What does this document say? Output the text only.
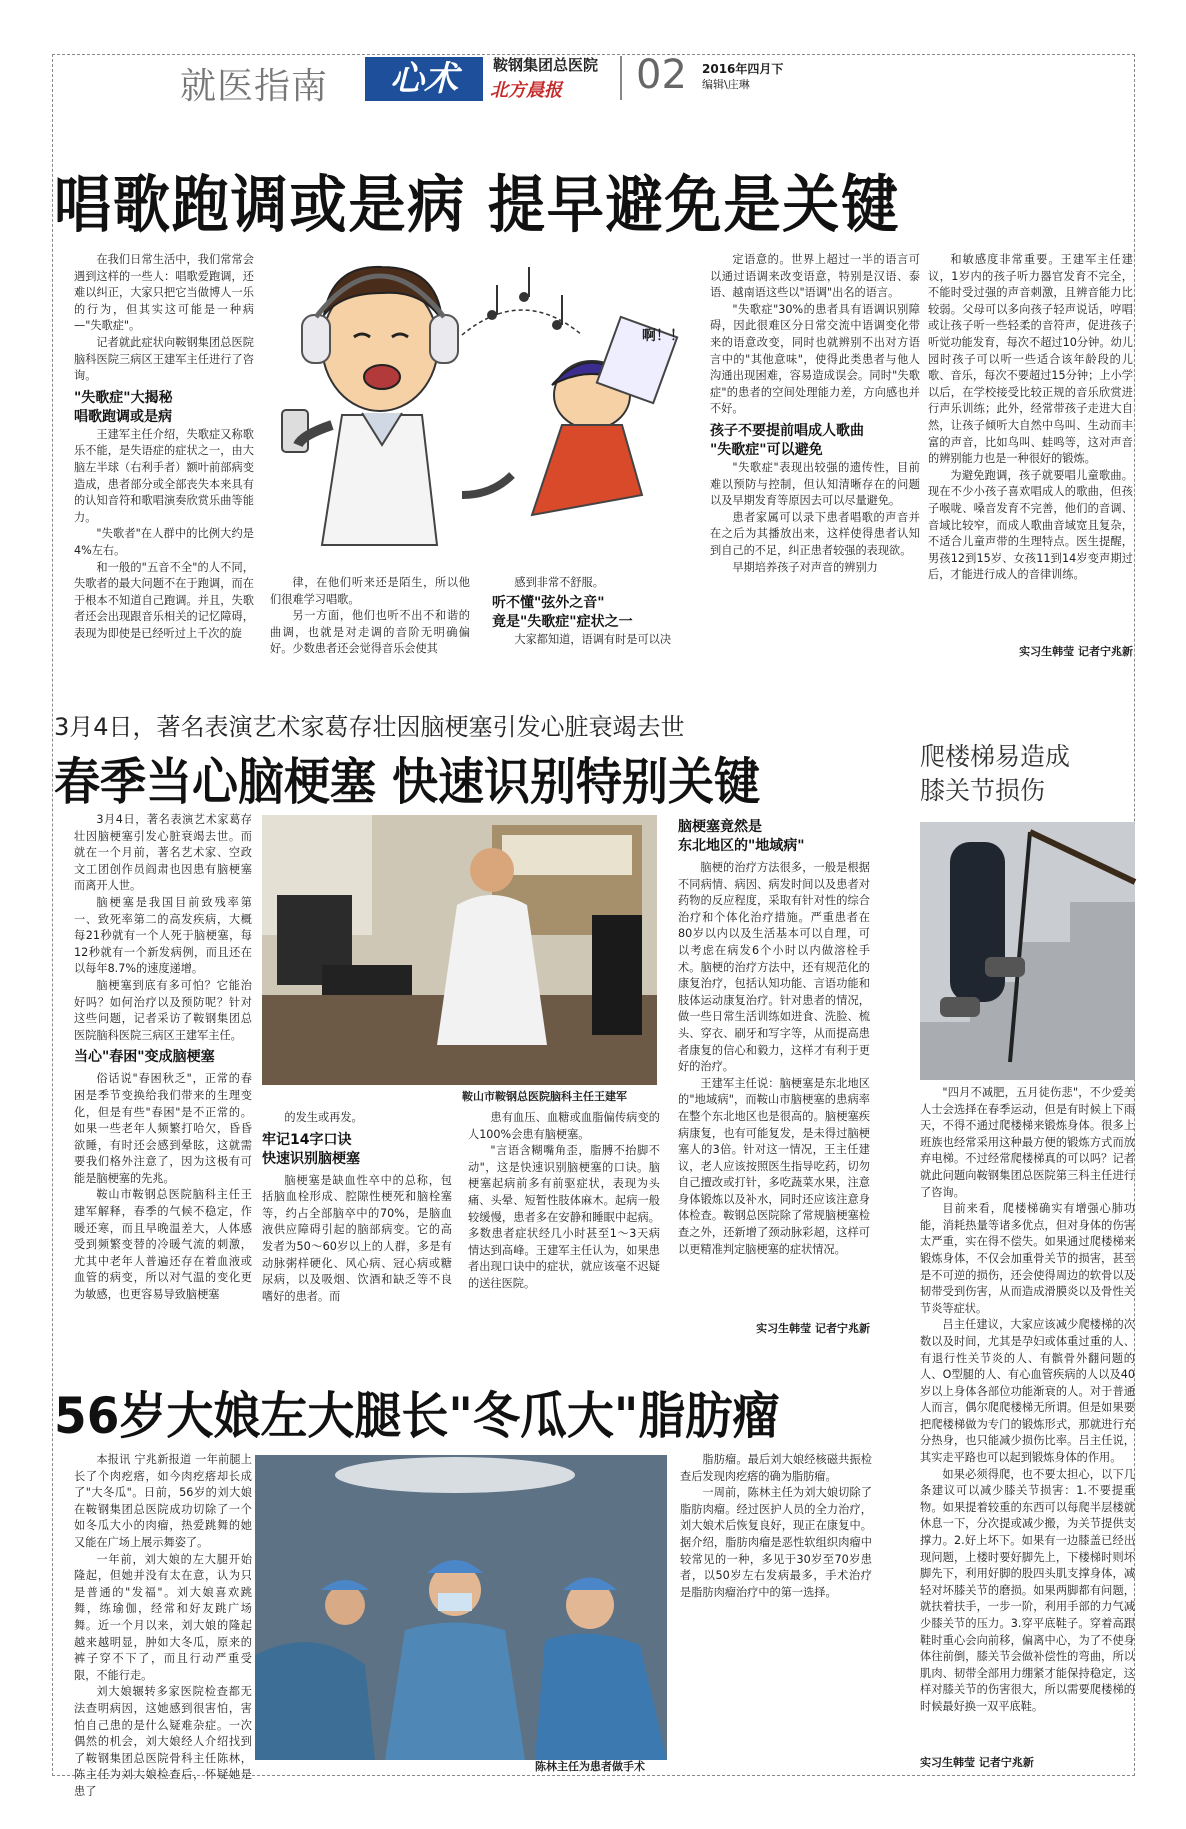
就医指南	心术	鞍钢集团总医院
北方晨报 02 2016年四月下
编辑\庄琳
唱歌跑调或是病 提早避免是关键

在我们日常生活中，我们常常会遇到这样的一些人：唱歌爱跑调，还难以纠正，大家只把它当做博人一乐的行为，但其实这可能是一种病—"失歌症"。

记者就此症状向鞍钢集团总医院脑科医院三病区王建军主任进行了咨询。

"失歌症"大揭秘
唱歌跑调或是病

王建军主任介绍，失歌症又称歌乐不能，是失语症的症状之一，由大脑左半球（右利手者）额叶前部病变造成，患者部分或全部丧失本来具有的认知音符和歌唱演奏欣赏乐曲等能力。

"失歌者"在人群中的比例大约是4%左右。

和一般的"五音不全"的人不同，失歌者的最大问题不在于跑调，而在于根本不知道自己跑调。并且，失歌者还会出现跟音乐相关的记忆障碍，表现为即使是已经听过上千次的旋

啊！！

律，在他们听来还是陌生，所以他们很难学习唱歌。

另一方面，他们也听不出不和谐的曲调，也就是对走调的音阶无明确偏好。少数患者还会觉得音乐会使其

感到非常不舒服。

听不懂"弦外之音"
竟是"失歌症"症状之一

大家都知道，语调有时是可以决

定语意的。世界上超过一半的语言可以通过语调来改变语意，特别是汉语、泰语、越南语这些以"语调"出名的语言。

"失歌症"30%的患者具有语调识别障碍，因此很难区分日常交流中语调变化带来的语意改变，同时也就辨别不出对方语言中的"其他意味"，使得此类患者与他人沟通出现困难，容易造成误会。同时"失歌症"的患者的空间处理能力差，方向感也并不好。

孩子不要提前唱成人歌曲
"失歌症"可以避免

"失歌症"表现出较强的遗传性，目前难以预防与控制，但认知清晰存在的问题以及早期发育等原因去可以尽量避免。

患者家属可以录下患者唱歌的声音并在之后为其播放出来，这样使得患者认知到自己的不足，纠正患者较强的表现欲。

早期培养孩子对声音的辨别力

和敏感度非常重要。王建军主任建议，1岁内的孩子听力器官发育不完全，不能时受过强的声音刺激，且辨音能力比较弱。父母可以多向孩子轻声说话，哼唱或让孩子听一些轻柔的音符声，促进孩子听觉功能发育，每次不超过10分钟。幼儿园时孩子可以听一些适合该年龄段的儿歌、音乐，每次不要超过15分钟；上小学以后，在学校接受比较正规的音乐欣赏进行声乐训练；此外，经常带孩子走进大自然，让孩子倾听大自然中鸟叫、生动而丰富的声音，比如鸟叫、蛙鸣等，这对声音的辨别能力也是一种很好的锻炼。

为避免跑调，孩子就要唱儿童歌曲。现在不少小孩子喜欢唱成人的歌曲，但孩子喉咙、嗓音发育不完善，他们的音调、音域比较窄，而成人歌曲音域宽且复杂，不适合儿童声带的生理特点。医生提醒，男孩12到15岁、女孩11到14岁变声期过后，才能进行成人的音律训练。

实习生韩莹 记者宁兆新
3月4日，著名表演艺术家葛存壮因脑梗塞引发心脏衰竭去世
春季当心脑梗塞 快速识别特别关键

3月4日，著名表演艺术家葛存壮因脑梗塞引发心脏衰竭去世。而就在一个月前，著名艺术家、空政文工团创作员阎肃也因患有脑梗塞而离开人世。

脑梗塞是我国目前致残率第一、致死率第二的高发疾病，大概每21秒就有一个人死于脑梗塞，每12秒就有一个新发病例，而且还在以每年8.7%的速度递增。

脑梗塞到底有多可怕？它能治好吗？如何治疗以及预防呢？针对这些问题，记者采访了鞍钢集团总医院脑科医院三病区王建军主任。

当心"春困"变成脑梗塞

俗话说"春困秋乏"，正常的春困是季节变换给我们带来的生理变化，但是有些"春困"是不正常的。如果一些老年人频繁打哈欠，昏昏欲睡，有时还会感到晕眩，这就需要我们格外注意了，因为这极有可能是脑梗塞的先兆。

鞍山市鞍钢总医院脑科主任王建军解释，春季的气候不稳定，作暖还寒，而且早晚温差大，人体感受到频繁变替的冷暖气流的刺激，尤其中老年人普遍还存在着血液或血管的病变，所以对气温的变化更为敏感，也更容易导致脑梗塞

鞍山市鞍钢总医院脑科主任王建军

的发生或再发。

牢记14字口诀
快速识别脑梗塞

脑梗塞是缺血性卒中的总称，包括脑血栓形成、腔隙性梗死和脑栓塞等，约占全部脑卒中的70%，是脑血液供应障碍引起的脑部病变。它的高发者为50～60岁以上的人群，多是有动脉粥样硬化、风心病、冠心病或糖尿病，以及吸烟、饮酒和缺乏等不良嗜好的患者。而

患有血压、血糖或血脂偏传病变的人100%会患有脑梗塞。

"言语含糊嘴角歪，脂膊不抬脚不动"，这是快速识别脑梗塞的口诀。脑梗塞起病前多有前驱症状，表现为头痛、头晕、短暂性肢体麻木。起病一般较缓慢，患者多在安静和睡眠中起病。多数患者症状经几小时甚至1～3天病情达到高峰。王建军主任认为，如果患者出现口诀中的症状，就应该毫不迟疑的送往医院。

脑梗塞竟然是
东北地区的"地域病"

脑梗的治疗方法很多，一般是根据不同病情、病因、病发时间以及患者对药物的反应程度，采取有针对性的综合治疗和个体化治疗措施。严重患者在80岁以内以及生活基本可以自理，可以考虑在病发6个小时以内做溶栓手术。脑梗的治疗方法中，还有规范化的康复治疗，包括认知功能、言语功能和肢体运动康复治疗。针对患者的情况，做一些日常生活训练如进食、洗脸、梳头、穿衣、刷牙和写字等，从而提高患者康复的信心和毅力，这样才有利于更好的治疗。

王建军主任说：脑梗塞是东北地区的"地域病"，而鞍山市脑梗塞的患病率在整个东北地区也是很高的。脑梗塞疾病康复，也有可能复发，是未得过脑梗塞人的3倍。针对这一情况，王主任建议，老人应该按照医生指导吃药，切勿自己擅改或打针，多吃蔬菜水果，注意身体锻炼以及补水，同时还应该注意身体检查。鞍钢总医院除了常规脑梗塞检查之外，还新增了颈动脉彩超，这样可以更精准判定脑梗塞的症状情况。

实习生韩莹 记者宁兆新
爬楼梯易造成
膝关节损伤

"四月不减肥，五月徒伤悲"，不少爱美人士会选择在春季运动，但是有时候上下雨天，不得不通过爬楼梯来锻炼身体。很多上班族也经常采用这种最方便的锻炼方式而放弃电梯。不过经常爬楼梯真的可以吗？记者就此问题向鞍钢集团总医院第三科主任进行了咨询。

目前来看，爬楼梯确实有增强心肺功能，消耗热量等诸多优点，但对身体的伤害太严重，实在得不偿失。如果通过爬楼梯来锻炼身体，不仅会加重骨关节的损害，甚至是不可逆的损伤，还会使得周边的软骨以及韧带受到伤害，从而造成滑膜炎以及骨性关节炎等症状。

吕主任建议，大家应该减少爬楼梯的次数以及时间，尤其是孕妇或体重过重的人、有退行性关节炎的人、有髌骨外翻问题的人、O型腿的人、有心血管疾病的人以及40岁以上身体各部位功能渐衰的人。对于普通人而言，偶尔爬爬楼梯无所谓。但是如果要把爬楼梯做为专门的锻炼形式，那就进行充分热身，也只能减少损伤比率。吕主任说，其实走平路也可以起到锻炼身体的作用。

如果必须得爬，也不要太担心，以下几条建议可以减少膝关节损害：1.不要提重物。如果提着较重的东西可以每爬半层楼就休息一下，分次提或减少搬，为关节提供支撑力。2.好上坏下。如果有一边膝盖已经出现问题，上楼时要好脚先上，下楼梯时则坏脚先下，利用好脚的股四头肌支撑身体，减轻对坏膝关节的磨损。如果两脚都有问题，就扶着扶手，一步一阶，利用手部的力气减少膝关节的压力。3.穿平底鞋子。穿着高跟鞋时重心会向前移，偏离中心，为了不使身体往前倒，膝关节会做补偿性的弯曲，所以肌肉、韧带全部用力绷紧才能保持稳定，这样对膝关节的伤害很大，所以需要爬楼梯的时候最好换一双平底鞋。

实习生韩莹 记者宁兆新
56岁大娘左大腿长"冬瓜大"脂肪瘤

本报讯 宁兆新报道 一年前腿上长了个肉疙瘩，如今肉疙瘩却长成了"大冬瓜"。日前，56岁的刘大娘在鞍钢集团总医院成功切除了一个如冬瓜大小的肉瘤，热爱跳舞的她又能在广场上展示舞姿了。

一年前，刘大娘的左大腿开始隆起，但她并没有太在意，认为只是普通的"发福"。刘大娘喜欢跳舞，练瑜伽，经常和好友跳广场舞。近一个月以来，刘大娘的隆起越来越明显，肿如大冬瓜，原来的裤子穿不下了，而且行动严重受限，不能行走。

刘大娘辗转多家医院检查都无法查明病因，这她感到很害怕，害怕自己患的是什么疑难杂症。一次偶然的机会，刘大娘经人介绍找到了鞍钢集团总医院骨科主任陈林，陈主任为刘大娘检查后，怀疑她是患了

陈林主任为患者做手术

脂肪瘤。最后刘大娘经核磁共振检查后发现肉疙瘩的确为脂肪瘤。

一周前，陈林主任为刘大娘切除了脂肪肉瘤。经过医护人员的全力治疗，刘大娘术后恢复良好，现正在康复中。据介绍，脂肪肉瘤是恶性软组织肉瘤中较常见的一种，多见于30岁至70岁患者，以50岁左右发病最多，手术治疗是脂肪肉瘤治疗中的第一选择。
